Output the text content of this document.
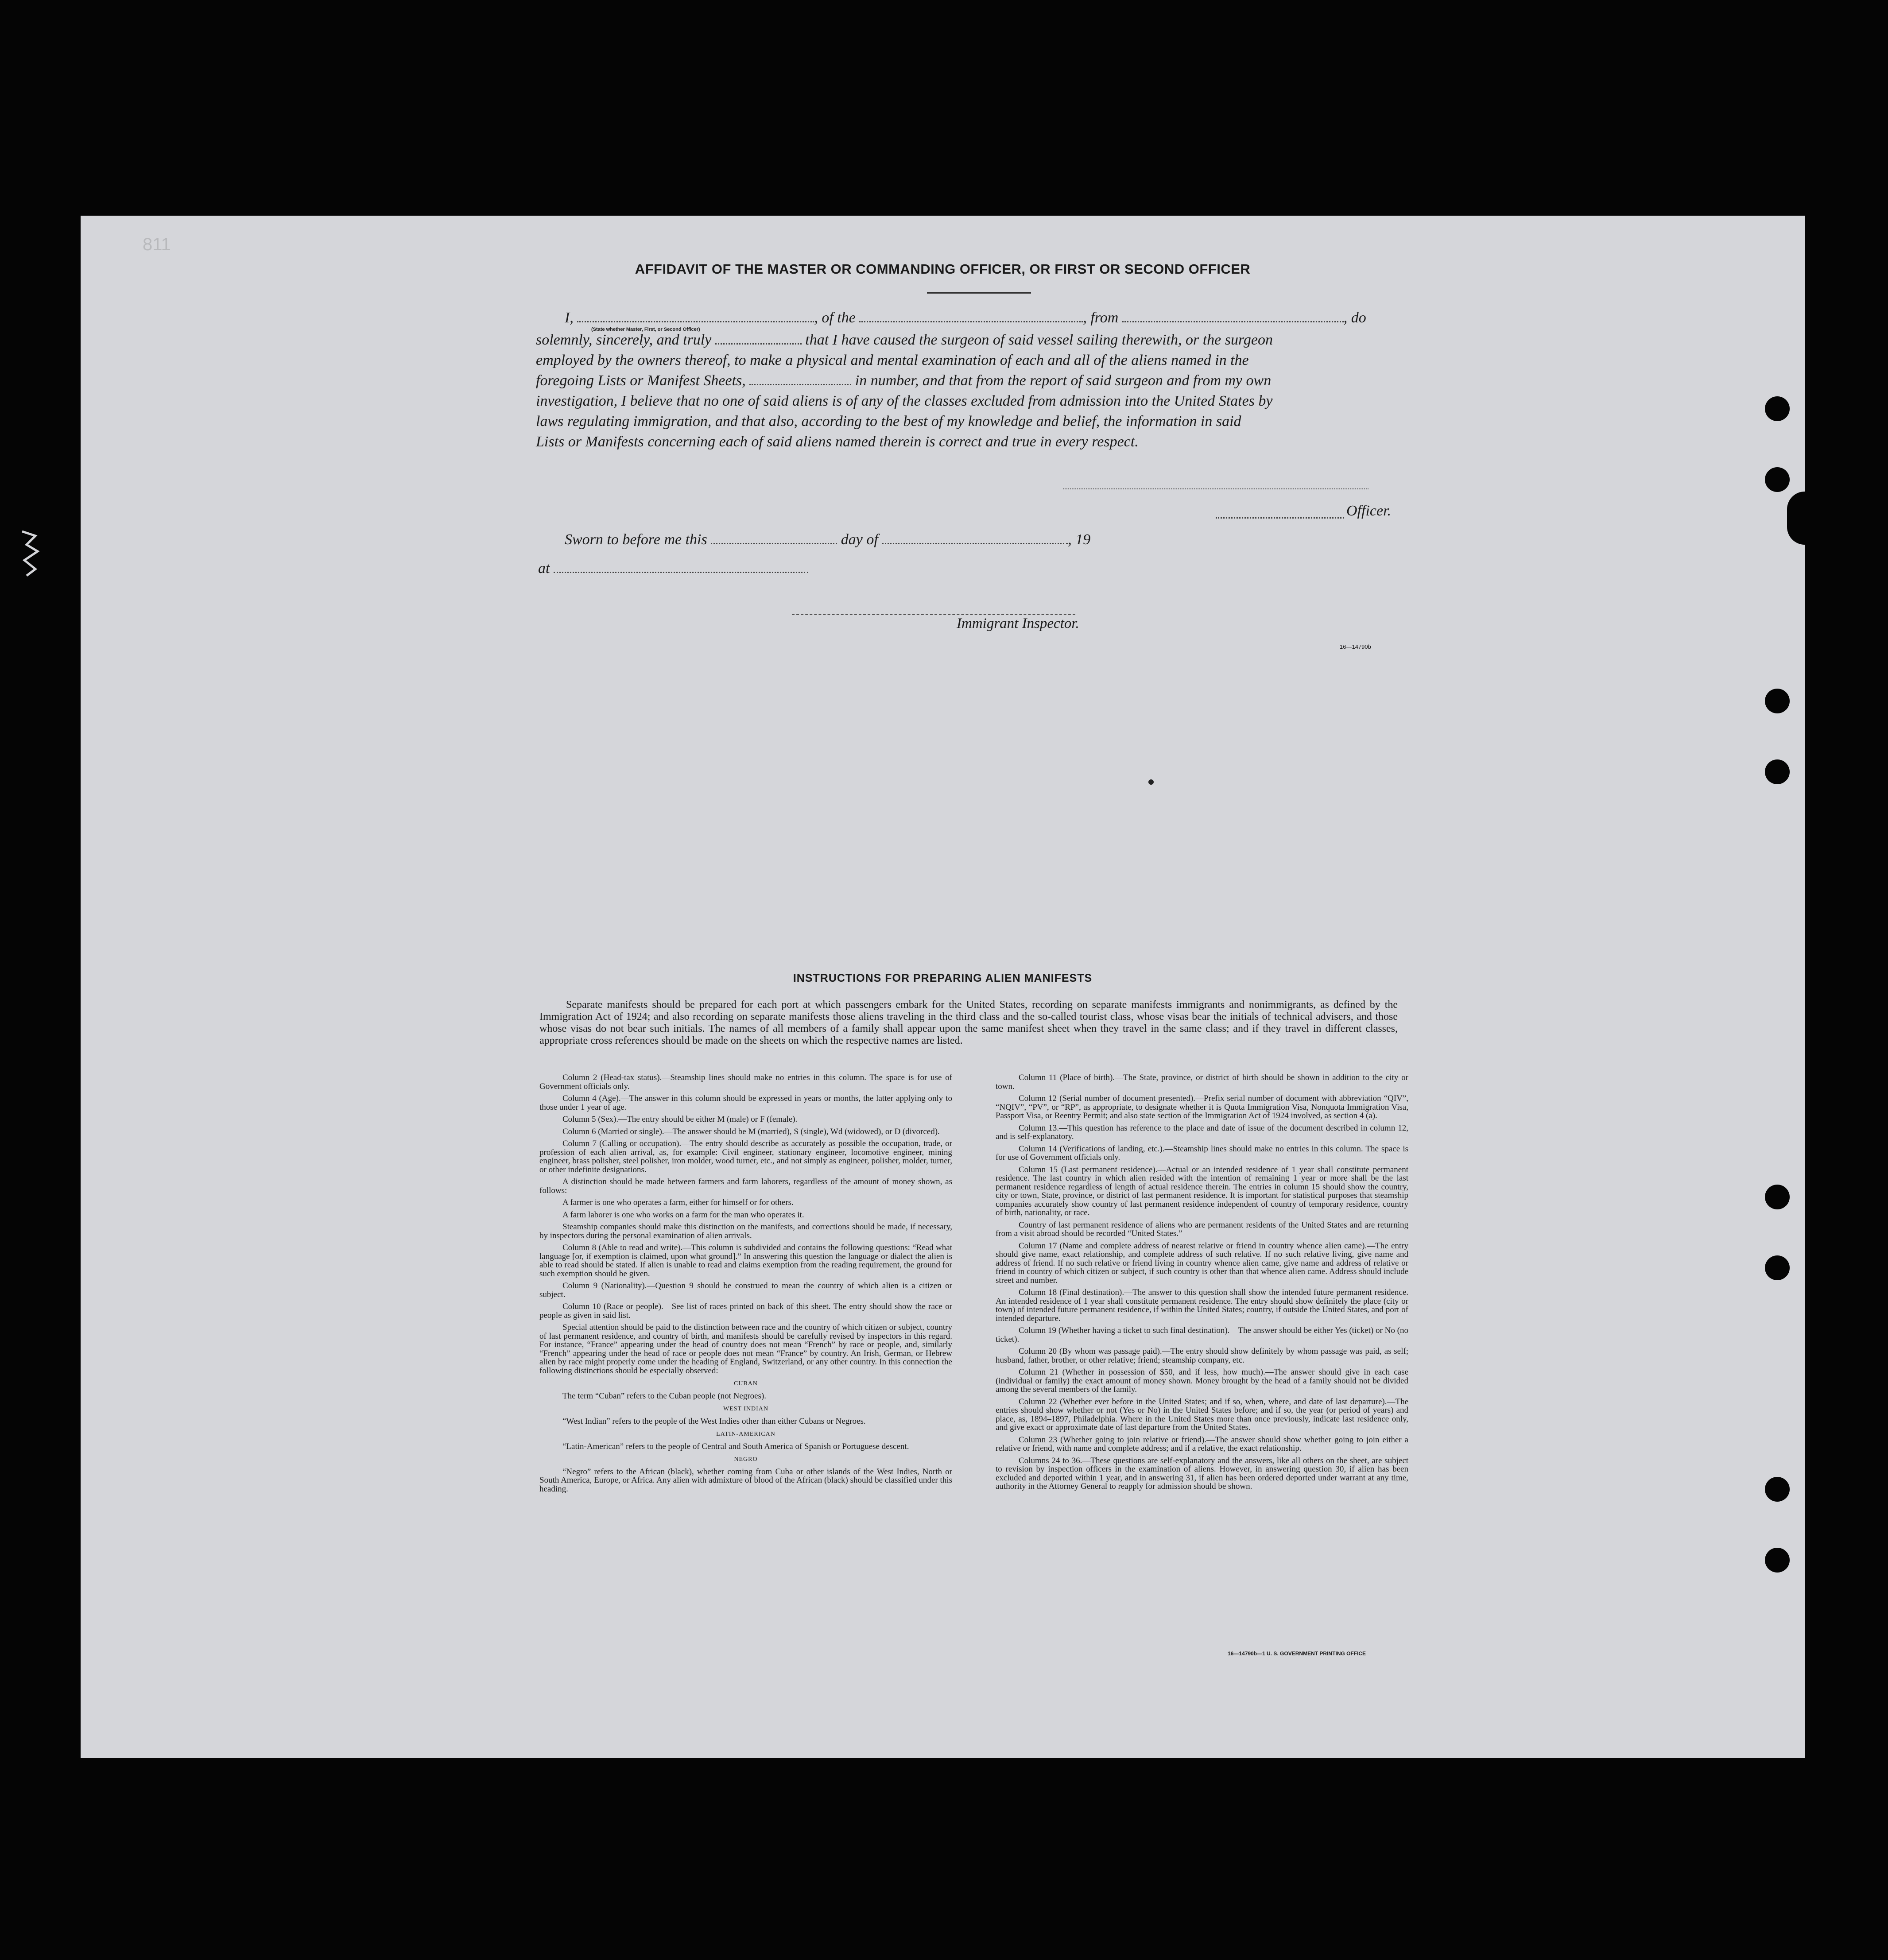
811
AFFIDAVIT OF THE MASTER OR COMMANDING OFFICER, OR FIRST OR SECOND OFFICER
I,	, of the	, from	, do
(State whether Master, First, or Second Officer)
solemnly, sincerely, and truly	that I have caused the surgeon of said vessel sailing therewith, or the surgeon
employed by the owners thereof, to make a physical and mental examination of each and all of the aliens named in the
foregoing Lists or Manifest Sheets,	in number, and that from the report of said surgeon and from my own
investigation, I believe that no one of said aliens is of any of the classes excluded from admission into the United States by
laws regulating immigration, and that also, according to the best of my knowledge and belief, the information in said
Lists or Manifests concerning each of said aliens named therein is correct and true in every respect.
Officer.
Sworn to before me this	day of	, 19
at
Immigrant Inspector.
16—14790b
INSTRUCTIONS FOR PREPARING ALIEN MANIFESTS
Separate manifests should be prepared for each port at which passengers embark for the United States, recording on separate manifests immigrants and nonimmigrants, as defined by the Immigration Act of 1924; and also recording on separate manifests those aliens traveling in the third class and the so-called tourist class, whose visas bear the initials of technical advisers, and those whose visas do not bear such initials. The names of all members of a family shall appear upon the same manifest sheet when they travel in the same class; and if they travel in different classes, appropriate cross references should be made on the sheets on which the respective names are listed.

Column 2 (Head-tax status).—Steamship lines should make no entries in this column. The space is for use of Government officials only.

Column 4 (Age).—The answer in this column should be expressed in years or months, the latter applying only to those under 1 year of age.

Column 5 (Sex).—The entry should be either M (male) or F (female).

Column 6 (Married or single).—The answer should be M (married), S (single), Wd (widowed), or D (divorced).

Column 7 (Calling or occupation).—The entry should describe as accurately as possible the occupation, trade, or profession of each alien arrival, as, for example: Civil engineer, stationary engineer, locomotive engineer, mining engineer, brass polisher, steel polisher, iron molder, wood turner, etc., and not simply as engineer, polisher, molder, turner, or other indefinite designations.

A distinction should be made between farmers and farm laborers, regardless of the amount of money shown, as follows:

A farmer is one who operates a farm, either for himself or for others.

A farm laborer is one who works on a farm for the man who operates it.

Steamship companies should make this distinction on the manifests, and corrections should be made, if necessary, by inspectors during the personal examination of alien arrivals.

Column 8 (Able to read and write).—This column is subdivided and contains the following questions: “Read what language [or, if exemption is claimed, upon what ground].” In answering this question the language or dialect the alien is able to read should be stated. If alien is unable to read and claims exemption from the reading requirement, the ground for such exemption should be given.

Column 9 (Nationality).—Question 9 should be construed to mean the country of which alien is a citizen or subject.

Column 10 (Race or people).—See list of races printed on back of this sheet. The entry should show the race or people as given in said list.

Special attention should be paid to the distinction between race and the country of which citizen or subject, country of last permanent residence, and country of birth, and manifests should be carefully revised by inspectors in this regard. For instance, “France” appearing under the head of country does not mean “French” by race or people, and, similarly “French” appearing under the head of race or people does not mean “France” by country. An Irish, German, or Hebrew alien by race might properly come under the heading of England, Switzerland, or any other country. In this connection the following distinctions should be especially observed:

CUBAN

The term “Cuban” refers to the Cuban people (not Negroes).

WEST INDIAN

“West Indian” refers to the people of the West Indies other than either Cubans or Negroes.

LATIN-AMERICAN

“Latin-American” refers to the people of Central and South America of Spanish or Portuguese descent.

NEGRO

“Negro” refers to the African (black), whether coming from Cuba or other islands of the West Indies, North or South America, Europe, or Africa. Any alien with admixture of blood of the African (black) should be classified under this heading.

Column 11 (Place of birth).—The State, province, or district of birth should be shown in addition to the city or town.

Column 12 (Serial number of document presented).—Prefix serial number of document with abbreviation “QIV”, “NQIV”, “PV”, or “RP”, as appropriate, to designate whether it is Quota Immigration Visa, Nonquota Immigration Visa, Passport Visa, or Reentry Permit; and also state section of the Immigration Act of 1924 involved, as section 4 (a).

Column 13.—This question has reference to the place and date of issue of the document described in column 12, and is self-explanatory.

Column 14 (Verifications of landing, etc.).—Steamship lines should make no entries in this column. The space is for use of Government officials only.

Column 15 (Last permanent residence).—Actual or an intended residence of 1 year shall constitute permanent residence. The last country in which alien resided with the intention of remaining 1 year or more shall be the last permanent residence regardless of length of actual residence therein. The entries in column 15 should show the country, city or town, State, province, or district of last permanent residence. It is important for statistical purposes that steamship companies accurately show country of last permanent residence independent of country of temporary residence, country of birth, nationality, or race.

Country of last permanent residence of aliens who are permanent residents of the United States and are returning from a visit abroad should be recorded “United States.”

Column 17 (Name and complete address of nearest relative or friend in country whence alien came).—The entry should give name, exact relationship, and complete address of such relative. If no such relative living, give name and address of friend. If no such relative or friend living in country whence alien came, give name and address of relative or friend in country of which citizen or subject, if such country is other than that whence alien came. Address should include street and number.

Column 18 (Final destination).—The answer to this question shall show the intended future permanent residence. An intended residence of 1 year shall constitute permanent residence. The entry should show definitely the place (city or town) of intended future permanent residence, if within the United States; country, if outside the United States, and port of intended departure.

Column 19 (Whether having a ticket to such final destination).—The answer should be either Yes (ticket) or No (no ticket).

Column 20 (By whom was passage paid).—The entry should show definitely by whom passage was paid, as self; husband, father, brother, or other relative; friend; steamship company, etc.

Column 21 (Whether in possession of $50, and if less, how much).—The answer should give in each case (individual or family) the exact amount of money shown. Money brought by the head of a family should not be divided among the several members of the family.

Column 22 (Whether ever before in the United States; and if so, when, where, and date of last departure).—The entries should show whether or not (Yes or No) in the United States before; and if so, the year (or period of years) and place, as, 1894–1897, Philadelphia. Where in the United States more than once previously, indicate last residence only, and give exact or approximate date of last departure from the United States.

Column 23 (Whether going to join relative or friend).—The answer should show whether going to join either a relative or friend, with name and complete address; and if a relative, the exact relationship.

Columns 24 to 36.—These questions are self-explanatory and the answers, like all others on the sheet, are subject to revision by inspection officers in the examination of aliens. However, in answering question 30, if alien has been excluded and deported within 1 year, and in answering 31, if alien has been ordered deported under warrant at any time, authority in the Attorney General to reapply for admission should be shown.

16—14790b—1 U. S. GOVERNMENT PRINTING OFFICE
